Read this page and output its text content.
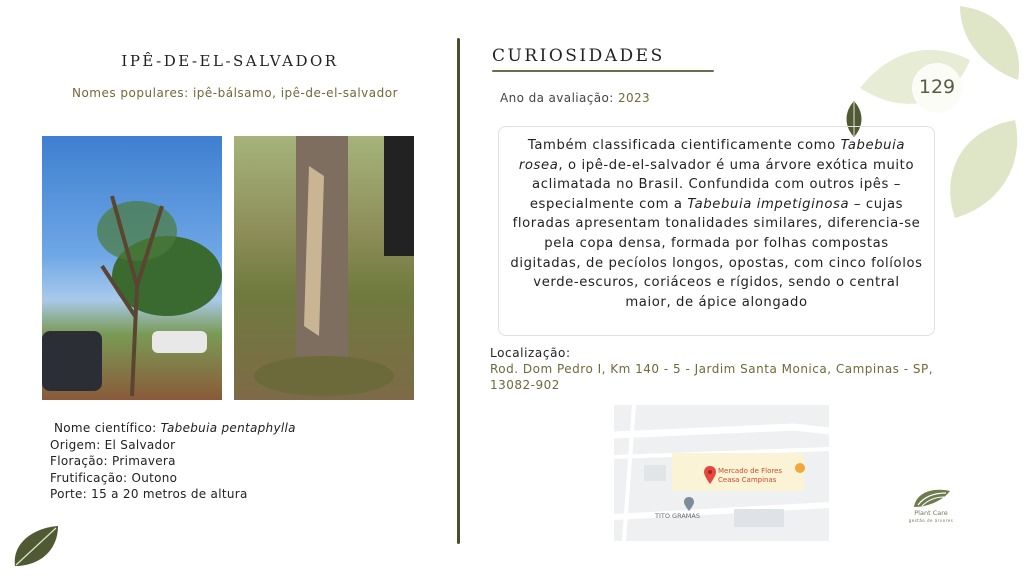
129
IPÊ-DE-EL-SALVADOR
Nomes populares: ipê-bálsamo, ipê-de-el-salvador
Nome científico: Tabebuia pentaphylla
Origem: El Salvador
Floração: Primavera
Frutificação: Outono
Porte: 15 a 20 metros de altura
CURIOSIDADES
Ano da avaliação: 2023
Também classificada cientificamente como Tabebuia rosea, o ipê-de-el-salvador é uma árvore exótica muito aclimatada no Brasil. Confundida com outros ipês – especialmente com a Tabebuia impetiginosa – cujas floradas apresentam tonalidades similares, diferencia-se pela copa densa, formada por folhas compostas digitadas, de pecíolos longos, opostas, com cinco folíolos verde-escuros, coriáceos e rígidos, sendo o central maior, de ápice alongado
Localização:
Rod. Dom Pedro I, Km 140 - 5 - Jardim Santa Monica, Campinas - SP, 13082-902
Mercado de Flores
Ceasa Campinas
TITO GRAMAS	Plant Care
gestão de árvores
